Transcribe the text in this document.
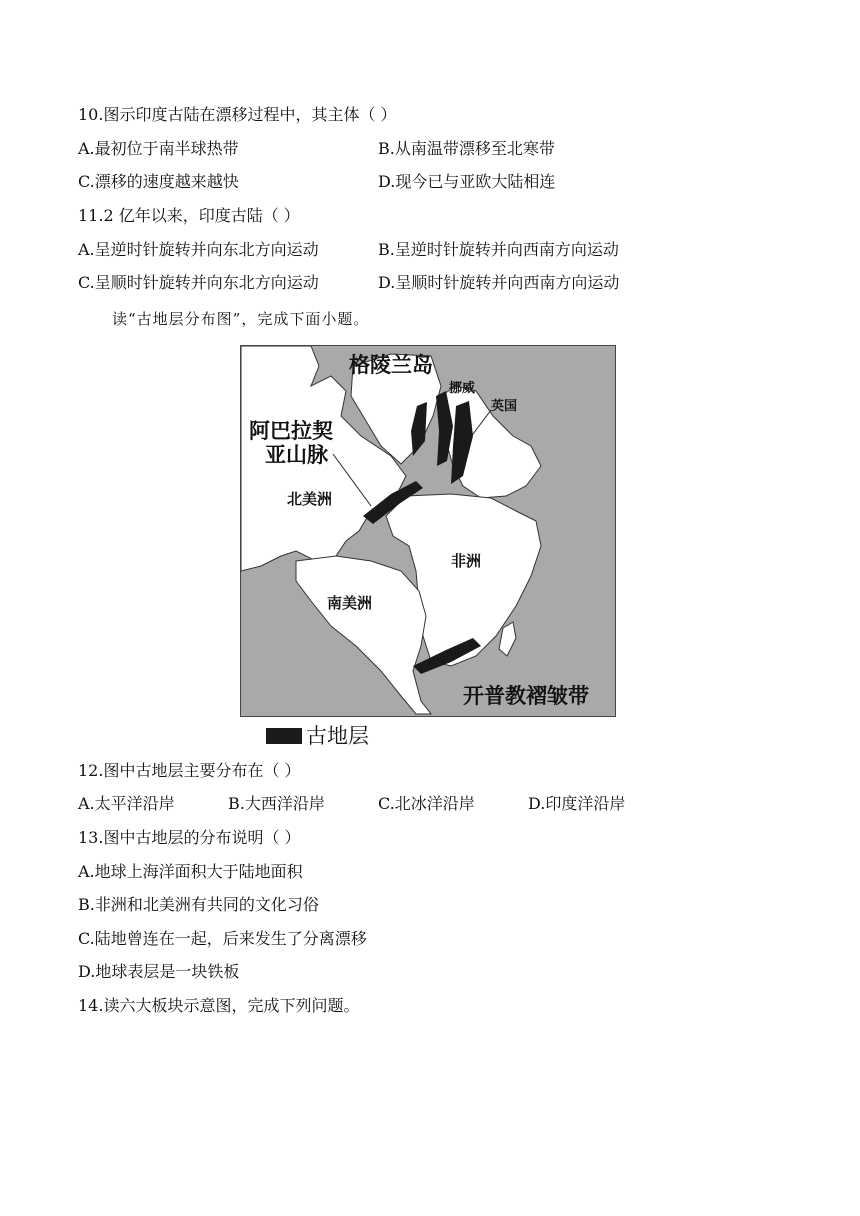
10.图示印度古陆在漂移过程中，其主体（ ）
A.最初位于南半球热带	B.从南温带漂移至北寒带
C.漂移的速度越来越快	D.现今已与亚欧大陆相连
11.2 亿年以来，印度古陆（ ）
A.呈逆时针旋转并向东北方向运动	B.呈逆时针旋转并向西南方向运动
C.呈顺时针旋转并向东北方向运动	D.呈顺时针旋转并向西南方向运动
读“古地层分布图”，完成下面小题。
格陵兰岛
挪威
英国
阿巴拉契
亚山脉
北美洲
非洲
南美洲
开普教褶皱带
古地层
12.图中古地层主要分布在（ ）
A.太平洋沿岸	B.大西洋沿岸	C.北冰洋沿岸	D.印度洋沿岸
13.图中古地层的分布说明（ ）
A.地球上海洋面积大于陆地面积
B.非洲和北美洲有共同的文化习俗
C.陆地曾连在一起，后来发生了分离漂移
D.地球表层是一块铁板
14.读六大板块示意图，完成下列问题。
